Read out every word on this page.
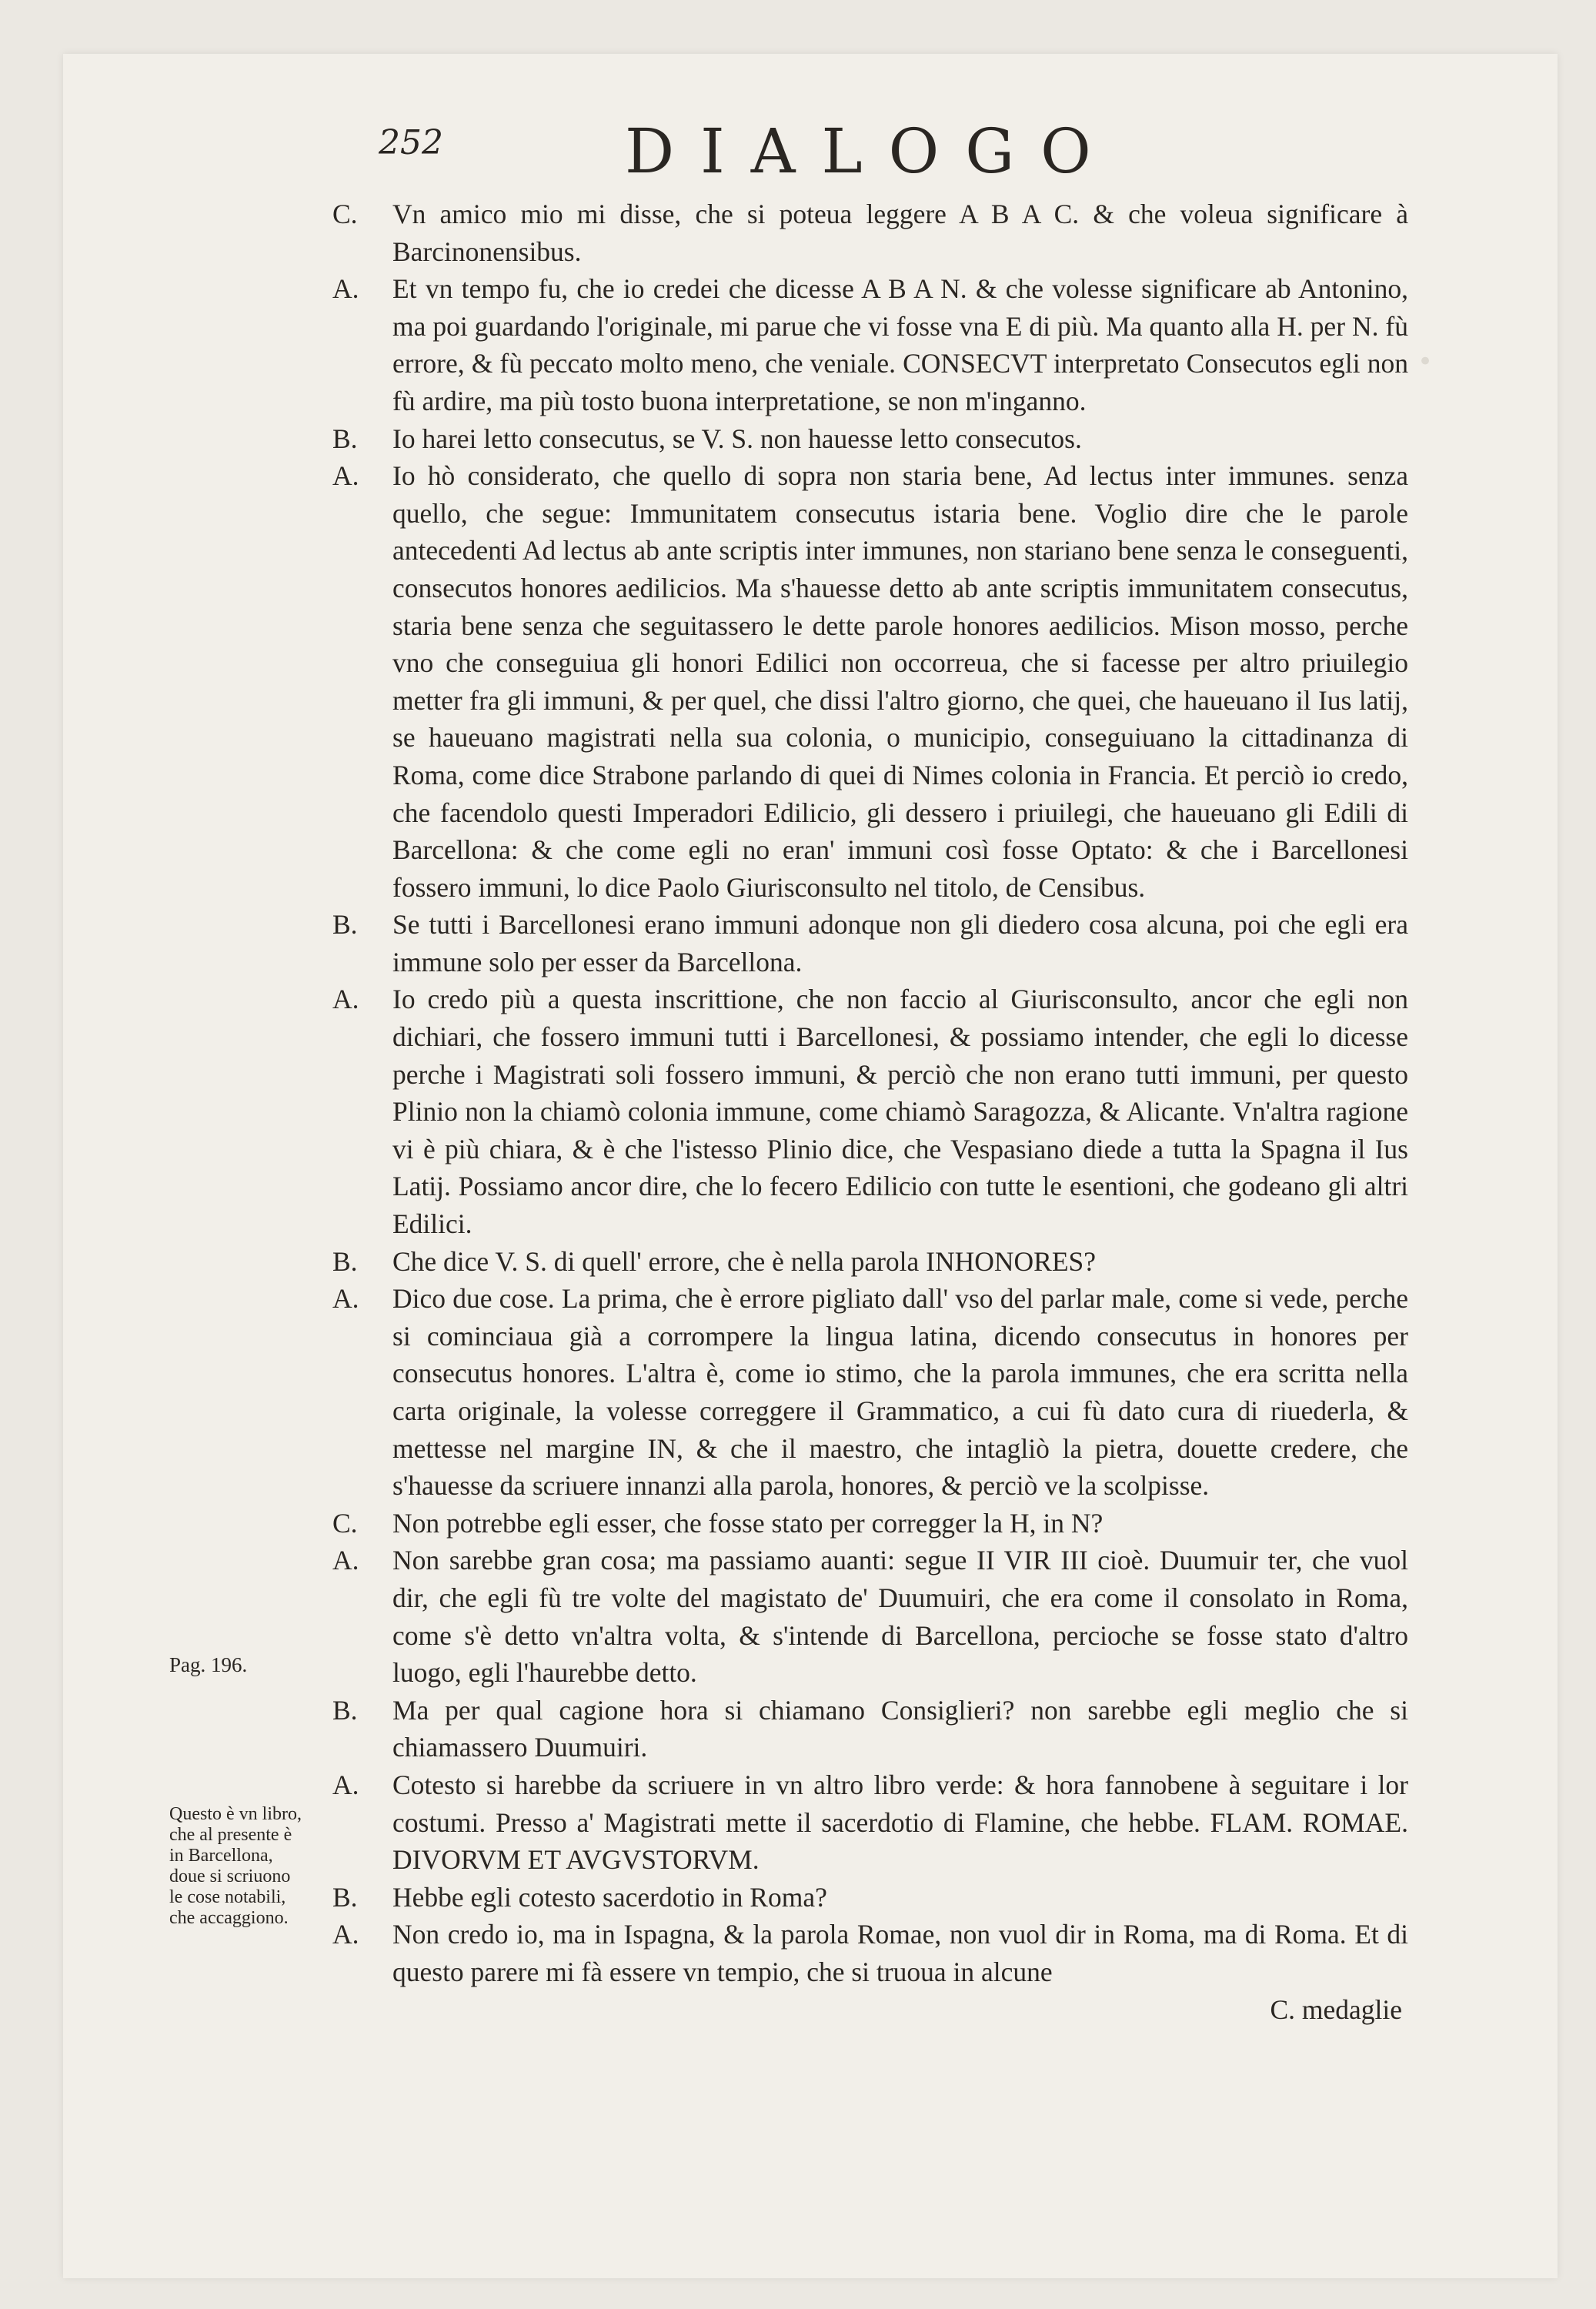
•
252	DIALOGO

C. Vn amico mio mi disse, che si poteua leggere A B A C. & che voleua significare à Barcinonensibus.

A. Et vn tempo fu, che io credei che dicesse A B A N. & che volesse significare ab Antonino, ma poi guardando l'originale, mi parue che vi fosse vna E di più. Ma quanto alla H. per N. fù errore, & fù peccato molto meno, che veniale. CONSECVT interpretato Consecutos egli non fù ardire, ma più tosto buona interpretatione, se non m'inganno.

B. Io harei letto consecutus, se V. S. non hauesse letto consecutos.

A. Io hò considerato, che quello di sopra non staria bene, Ad lectus inter immunes. senza quello, che segue: Immunitatem consecutus istaria bene. Voglio dire che le parole antecedenti Ad lectus ab ante scriptis inter immunes, non stariano bene senza le conseguenti, consecutos honores aedilicios. Ma s'hauesse detto ab ante scriptis immunitatem consecutus, staria bene senza che seguitassero le dette parole honores aedilicios. Mison mosso, perche vno che conseguiua gli honori Edilici non occorreua, che si facesse per altro priuilegio metter fra gli immuni, & per quel, che dissi l'altro giorno, che quei, che haueuano il Ius latij, se haueuano magistrati nella sua colonia, o municipio, conseguiuano la cittadinanza di Roma, come dice Strabone parlando di quei di Nimes colonia in Francia. Et perciò io credo, che facendolo questi Imperadori Edilicio, gli dessero i priuilegi, che haueuano gli Edili di Barcellona: & che come egli no eran' immuni così fosse Optato: & che i Barcellonesi fossero immuni, lo dice Paolo Giurisconsulto nel titolo, de Censibus.

B. Se tutti i Barcellonesi erano immuni adonque non gli diedero cosa alcuna, poi che egli era immune solo per esser da Barcellona.

A. Io credo più a questa inscrittione, che non faccio al Giurisconsulto, ancor che egli non dichiari, che fossero immuni tutti i Barcellonesi, & possiamo intender, che egli lo dicesse perche i Magistrati soli fossero immuni, & perciò che non erano tutti immuni, per questo Plinio non la chiamò colonia immune, come chiamò Saragozza, & Alicante. Vn'altra ragione vi è più chiara, & è che l'istesso Plinio dice, che Vespasiano diede a tutta la Spagna il Ius Latij. Possiamo ancor dire, che lo fecero Edilicio con tutte le esentioni, che godeano gli altri Edilici.

B. Che dice V. S. di quell' errore, che è nella parola INHONORES?

A. Dico due cose. La prima, che è errore pigliato dall' vso del parlar male, come si vede, perche si cominciaua già a corrompere la lingua latina, dicendo consecutus in honores per consecutus honores. L'altra è, come io stimo, che la parola immunes, che era scritta nella carta originale, la volesse correggere il Grammatico, a cui fù dato cura di riuederla, & mettesse nel margine IN, & che il maestro, che intagliò la pietra, douette credere, che s'hauesse da scriuere innanzi alla parola, honores, & perciò ve la scolpisse.

C. Non potrebbe egli esser, che fosse stato per corregger la H, in N?

A. Non sarebbe gran cosa; ma passiamo auanti: segue II VIR III cioè. Duumuir ter, che vuol dir, che egli fù tre volte del magistato de' Duumuiri, che era come il consolato in Roma, come s'è detto vn'altra volta, & s'intende di Barcellona, percioche se fosse stato d'altro luogo, egli l'haurebbe detto.

B. Ma per qual cagione hora si chiamano Consiglieri? non sarebbe egli meglio che si chiamassero Duumuiri.

A. Cotesto si harebbe da scriuere in vn altro libro verde: & hora fannobene à seguitare i lor costumi. Presso a' Magistrati mette il sacerdotio di Flamine, che hebbe. FLAM. ROMAE. DIVORVM ET AVGVSTORVM.

B. Hebbe egli cotesto sacerdotio in Roma?

A. Non credo io, ma in Ispagna, & la parola Romae, non vuol dir in Roma, ma di Roma. Et di questo parere mi fà essere vn tempio, che si truoua in alcune

C. medaglie

Pag. 196.
Questo è vn libro, che al presente è in Barcellona, doue si scriuono le cose notabili, che accaggiono.
